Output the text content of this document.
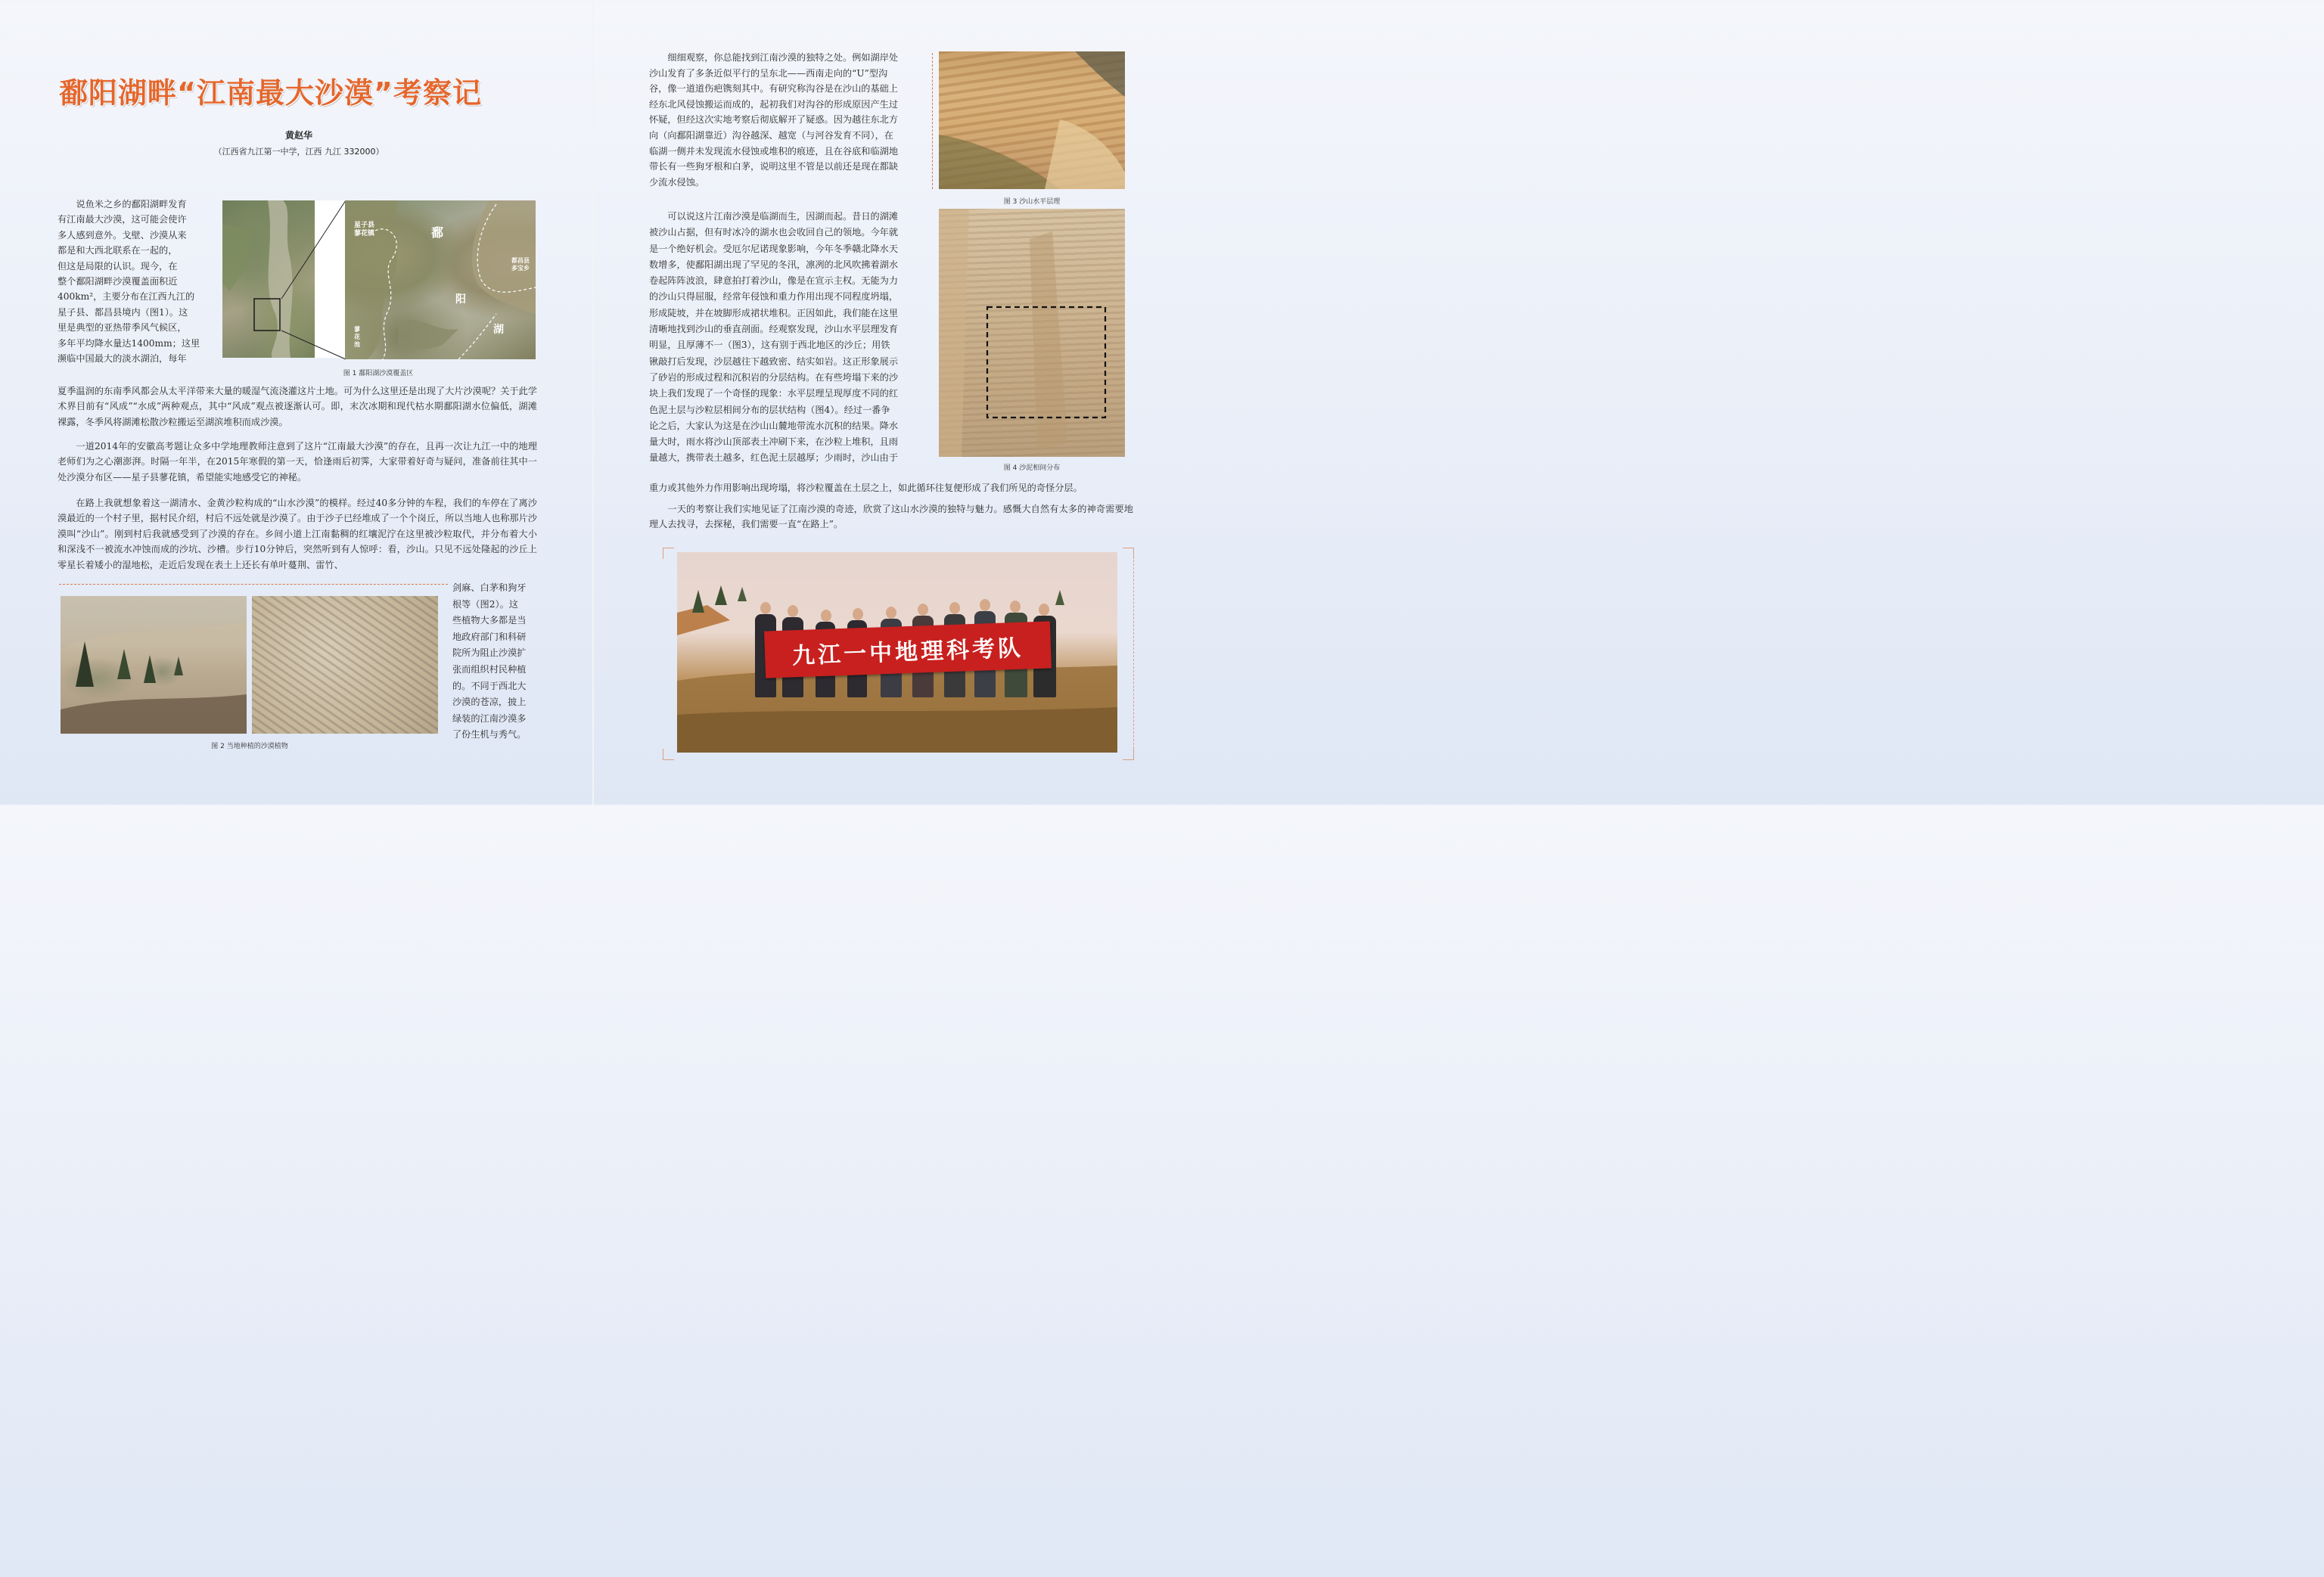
鄱阳湖畔“江南最大沙漠”考察记
黄赵华
（江西省九江第一中学，江西 九江 332000）
说鱼米之乡的鄱阳湖畔发育
有江南最大沙漠，这可能会使许
多人感到意外。戈壁、沙漠从来
都是和大西北联系在一起的，
但这是局限的认识。现今，在
整个鄱阳湖畔沙漠覆盖面积近
400km²，主要分布在江西九江的
星子县、都昌县境内（图1）。这
里是典型的亚热带季风气候区，
多年平均降水量达1400mm；这里
濒临中国最大的淡水湖泊，每年
星子县
蓼花镇	鄱
阳
湖
都昌县
多宝乡
蓼
花
池
图 1 鄱阳湖沙漠覆盖区
夏季温润的东南季风都会从太平洋带来大量的暖湿气流浇灌这片土地。可为什么这里还是出现了大片沙漠呢？关于此学术界目前有“风成”“水成”两种观点，其中“风成”观点被逐渐认可。即，末次冰期和现代枯水期鄱阳湖水位偏低，湖滩裸露，冬季风将湖滩松散沙粒搬运至湖滨堆积而成沙漠。

一道2014年的安徽高考题让众多中学地理教师注意到了这片“江南最大沙漠”的存在，且再一次让九江一中的地理老师们为之心潮澎湃。时隔一年半，在2015年寒假的第一天，恰逢雨后初霁，大家带着好奇与疑问，准备前往其中一处沙漠分布区——星子县蓼花镇，希望能实地感受它的神秘。

在路上我就想象着这一湖清水、金黄沙粒构成的“山水沙漠”的模样。经过40多分钟的车程，我们的车停在了离沙漠最近的一个村子里，据村民介绍，村后不远处就是沙漠了。由于沙子已经堆成了一个个岗丘，所以当地人也称那片沙漠叫“沙山”。刚到村后我就感受到了沙漠的存在。乡间小道上江南黏稠的红壤泥泞在这里被沙粒取代，并分布着大小和深浅不一被流水冲蚀而成的沙坑、沙槽。步行10分钟后，突然听到有人惊呼：看，沙山。只见不远处隆起的沙丘上零星长着矮小的湿地松，走近后发现在表土上还长有单叶蔓荆、雷竹、

图 2 当地种植的沙漠植物
剑麻、白茅和狗牙
根等（图2）。这
些植物大多都是当
地政府部门和科研
院所为阻止沙漠扩
张而组织村民种植
的。不同于西北大
沙漠的苍凉，披上
绿装的江南沙漠多
了份生机与秀气。
细细观察，你总能找到江南沙漠的独特之处。例如湖岸处
沙山发育了多条近似平行的呈东北——西南走向的“U”型沟
谷，像一道道伤疤镌刻其中。有研究称沟谷是在沙山的基础上
经东北风侵蚀搬运而成的，起初我们对沟谷的形成原因产生过
怀疑，但经这次实地考察后彻底解开了疑惑。因为越往东北方
向（向鄱阳湖靠近）沟谷越深、越宽（与河谷发育不同），在
临湖一侧并未发现流水侵蚀或堆积的痕迹，且在谷底和临湖地
带长有一些狗牙根和白茅，说明这里不管是以前还是现在都缺
少流水侵蚀。
可以说这片江南沙漠是临湖而生，因湖而起。昔日的湖滩
被沙山占据，但有时冰冷的湖水也会收回自己的领地。今年就
是一个绝好机会。受厄尔尼诺现象影响，今年冬季赣北降水天
数增多，使鄱阳湖出现了罕见的冬汛，凛冽的北风吹拂着湖水
卷起阵阵波浪，肆意拍打着沙山，像是在宣示主权。无能为力
的沙山只得屈服，经常年侵蚀和重力作用出现不同程度坍塌，
形成陡坡，并在坡脚形成裙状堆积。正因如此，我们能在这里
清晰地找到沙山的垂直剖面。经观察发现，沙山水平层理发育
明显，且厚薄不一（图3），这有别于西北地区的沙丘；用铁
锹敲打后发现，沙层越往下越致密、结实如岩。这正形象展示
了砂岩的形成过程和沉积岩的分层结构。在有些垮塌下来的沙
块上我们发现了一个奇怪的现象：水平层理呈现厚度不同的红
色泥土层与沙粒层相间分布的层状结构（图4）。经过一番争
论之后，大家认为这是在沙山山麓地带流水沉积的结果。降水
量大时，雨水将沙山顶部表土冲刷下来，在沙粒上堆积，且雨
量越大，携带表土越多，红色泥土层越厚；少雨时，沙山由于
重力或其他外力作用影响出现垮塌，将沙粒覆盖在土层之上，如此循环往复便形成了我们所见的奇怪分层。

一天的考察让我们实地见证了江南沙漠的奇迹，欣赏了这山水沙漠的独特与魅力。感慨大自然有太多的神奇需要地理人去找寻，去探秘，我们需要一直“在路上”。

图 3 沙山水平层理
图 4 沙泥相间分布
九江一中地理科考队
